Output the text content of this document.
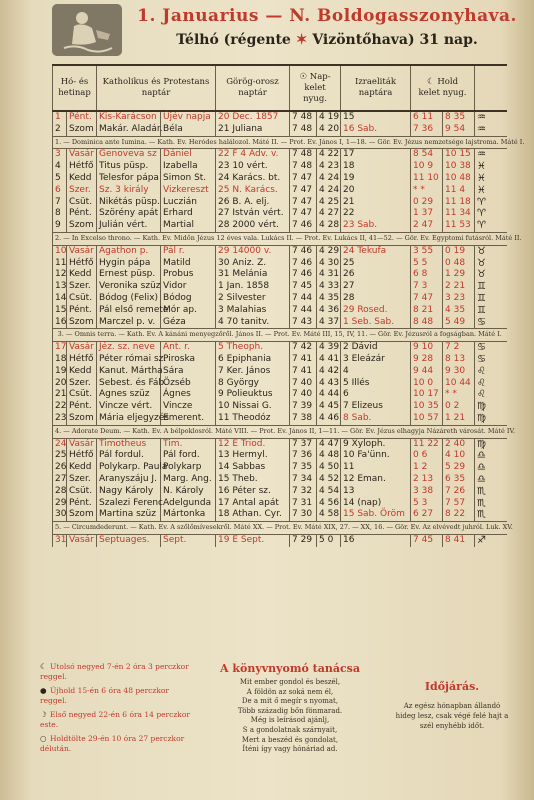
1. Januarius — N. Boldogasszonyhava.
Télhó (régente ✶ Vizöntőhava) 31 nap.
Hó- és hetinap		Katholikus és Protestans naptár		Görög-orosz naptár	☉ Nap-
kelet nyug.		Izraeliták naptára	☾ Hold
kelet nyug.		
1	Pént.	Kis-Karácson	Újév napja	20 Dec. 1857	7 48	4 19	15	6 11	8 35	♒
2	Szom	Makár. Aladár.	Béla	21 Juliana	7 48	4 20	16 Sab.	7 36	9 54	♒
1. — Dominica ante Iumina. — Kath. Ev. Heródes halálozol. Máté II. — Prot. Ev. János I, 1—18. — Gör. Ev. Jézus nemzetsége lajstroma. Máté I.										
3	Vasár	Genoveva sz	Dániel	22 F 4 Adv. v.	7 48	4 22	17	8 54	10 15	♒
4	Hétfő	Titus püsp.	Izabella	23 10 vért.	7 48	4 23	18	10 9	10 38	♓
5	Kedd	Telesfor pápa	Simon St.	24 Karács. bt.	7 47	4 24	19	11 10	10 48	♓
6	Szer.	Sz. 3 király	Vizkereszt	25 N. Karács.	7 47	4 24	20	* *	11 4	♓
7	Csüt.	Nikétás püsp.	Luczián	26 B. A. elj.	7 47	4 25	21	0 29	11 18	♈
8	Pént.	Szörény apát	Erhard	27 István vért.	7 47	4 27	22	1 37	11 34	♈
9	Szom	Julián vért.	Martial	28 2000 vért.	7 46	4 28	23 Sab.	2 47	11 53	♈
2. — In Excelso throno. — Kath. Ev. Midőn Jézus 12 éves vala. Lukács II. — Prot. Ev. Lukács II, 41—52. — Gör. Ev. Egyptomi futásról. Máté II.										
10	Vasár	Agathon p.	Pál r.	29 14000 v.	7 46	4 29	24 Tekufa	3 55	0 19	♉
11	Hétfő	Hygin pápa	Matild	30 Aniz. Z.	7 46	4 30	25	5 5	0 48	♉
12	Kedd	Ernest püsp.	Probus	31 Melánia	7 46	4 31	26	6 8	1 29	♉
13	Szer.	Veronika szüz	Vidor	1 Jan. 1858	7 45	4 33	27	7 3	2 21	♊
14	Csüt.	Bódog (Felix)	Bódog	2 Silvester	7 44	4 35	28	7 47	3 23	♊
15	Pént.	Pál első remete	Mór ap.	3 Malahias	7 44	4 36	29 Rosed.	8 21	4 35	♊
16	Szom	Marczel p. v.	Géza	4 70 tanitv.	7 43	4 37	1 Seb. Sab.	8 48	5 49	♋
3. — Omnis terra. — Kath. Ev. A kánáni menyegzőről. János II. — Prot. Ev. Máté III, 15, IV, 11. — Gör. Ev. Jézusról a fogságban. Máté I.										
17	Vasár	Jéz. sz. neve	Ant. r.	5 Theoph.	7 42	4 39	2 Dávid	9 10	7 2	♋
18	Hétfő	Péter római sz.	Piroska	6 Epiphania	7 41	4 41	3 Eleázár	9 28	8 13	♋
19	Kedd	Kanut. Mártha	Sára	7 Ker. János	7 41	4 42	4	9 44	9 30	♌
20	Szer.	Sebest. és Fáb.	Özséb	8 György	7 40	4 43	5 Illés	10 0	10 44	♌
21	Csüt.	Agnes szüz	Ágnes	9 Polieuktus	7 40	4 44	6	10 17	* *	♌
22	Pént.	Vincze vért.	Vincze	10 Nissai G.	7 39	4 45	7 Elizeus	10 35	0 2	♍
23	Szom	Mária eljegyzés	Emerent.	11 Theodóz	7 38	4 46	8 Sab.	10 57	1 21	♍
4. — Adorate Deum. — Kath. Ev. A bélpoklosról. Máté VIII. — Prot. Ev. János II, 1—11. — Gör. Ev. Jézus elhagyja Názáreth városát. Máté IV.										
24	Vasár	Timotheus	Tim.	12 E Triod.	7 37	4 47	9 Xyloph.	11 22	2 40	♍
25	Hétfő	Pál fordul.	Pál ford.	13 Hermyl.	7 36	4 48	10 Fa'ünn.	0 6	4 10	♎
26	Kedd	Polykarp. Paula	Polykarp	14 Sabbas	7 35	4 50	11	1 2	5 29	♎
27	Szer.	Aranyszáju J.	Marg. Ang.	15 Theb.	7 34	4 52	12 Eman.	2 13	6 35	♎
28	Csüt.	Nagy Károly	N. Károly	16 Péter sz.	7 32	4 54	13	3 38	7 26	♏
29	Pént.	Szalezi Ferenc	Adelgunda	17 Antal apát	7 31	4 56	14 (nap)	5 3	7 57	♏
30	Szom	Martina szüz	Mártonka	18 Athan. Cyr.	7 30	4 58	15 Sab. Öröm	6 27	8 22	♏
5. — Circumdederunt. — Kath. Ev. A szőlőmívesekről. Máté XX. — Prot. Ev. Máté XIX, 27. — XX, 16. — Gör. Ev. Az elvévedt juhról. Luk. XV.										
31	Vasár	Septuages.	Sept.	19 E Sept.	7 29	5 0	16	7 45	8 41	♐
☾ Utolsó negyed 7-én 2 óra 3 perczkor reggel.
● Újhold 15-én 6 óra 48 perczkor reggel.
☽ Első negyed 22-én 6 óra 14 perczkor este.
○ Holdtölte 29-én 10 óra 27 perczkor délután.
A könyvnyomó tanácsa
Mit ember gondol és beszél,
A földön az soká nem él,
De a mit ő megír s nyomat,
Több századig bőn fönmarad.
Még is leírásod ajánlj,
S a gondolatnak szárnyait,
Mert a beszéd és gondolat,
Íténi így vagy hónáriad ad.
Időjárás.
Az egész hónapban állandó
hideg lesz, csak végé felé hajt a
szél enyhébb időt.
